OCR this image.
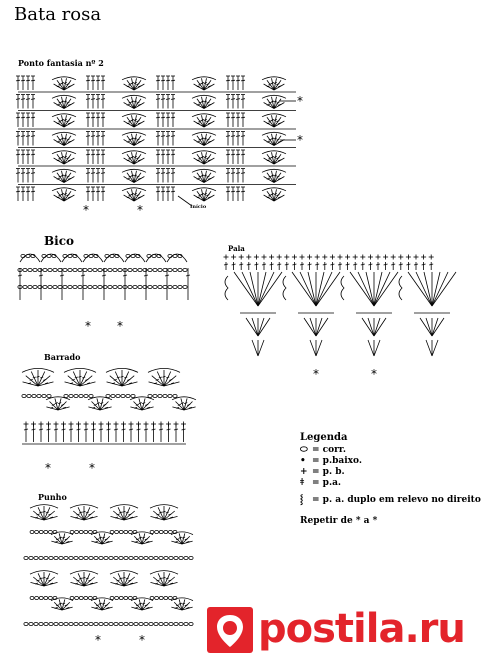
Bata rosa
Ponto fantasia nº 2
Início
Bico
Pala
Barrado
Punho
*
*
*	*
* *
*	*
*	*
*	*
Legenda
⬭ = corr.
• = p.baixo.
+ = p. b.
ǂ = p.a.
⸾ = p. a. duplo em relevo no direito
Repetir de * a *
postila.ru
